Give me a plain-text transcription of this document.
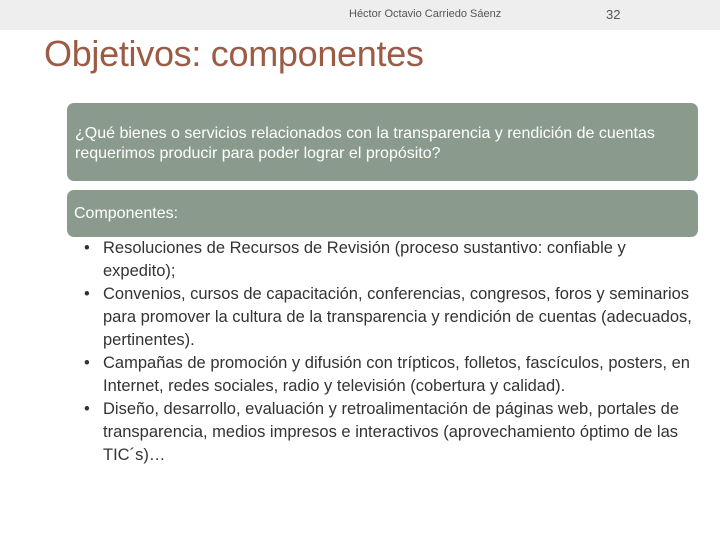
Héctor Octavio Carriedo Sáenz	32
Objetivos: componentes
¿Qué bienes o servicios relacionados con la transparencia y rendición de cuentas requerimos producir para poder lograr el propósito?
Componentes:
• Resoluciones de Recursos de Revisión (proceso sustantivo: confiable y expedito);
• Convenios, cursos de capacitación, conferencias, congresos, foros y seminarios para promover la cultura de la transparencia y rendición de cuentas (adecuados, pertinentes).
• Campañas de promoción y difusión con trípticos, folletos, fascículos, posters, en Internet, redes sociales, radio y televisión (cobertura y calidad).
• Diseño, desarrollo, evaluación y retroalimentación de páginas web, portales de transparencia, medios impresos e interactivos (aprovechamiento óptimo de las TIC´s)…
